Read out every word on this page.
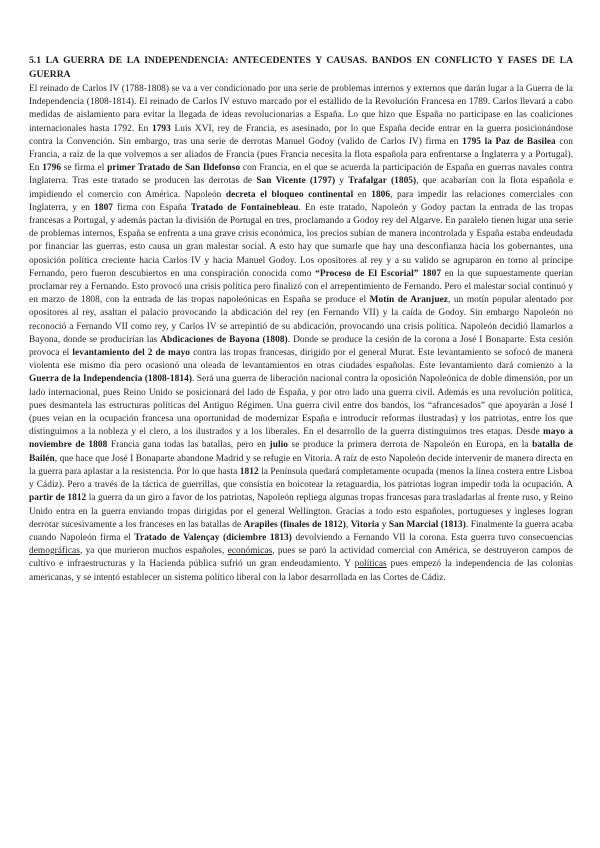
5.1 LA GUERRA DE LA INDEPENDENCIA: ANTECEDENTES Y CAUSAS. BANDOS EN CONFLICTO Y FASES DE LA GUERRA

El reinado de Carlos IV (1788-1808) se va a ver condicionado por una serie de problemas internos y externos que darán lugar a la Guerra de la Independencia (1808-1814). El reinado de Carlos IV estuvo marcado por el estallido de la Revolución Francesa en 1789. Carlos llevará a cabo medidas de aislamiento para evitar la llegada de ideas revolucionarias a España. Lo que hizo que España no participase en las coaliciones internacionales hasta 1792. En 1793 Luis XVI, rey de Francia, es asesinado, por lo que España decide entrar en la guerra posicionándose contra la Convención. Sin embargo, tras una serie de derrotas Manuel Godoy (valido de Carlos IV) firma en 1795 la Paz de Basilea con Francia, a raíz de la que volvemos a ser aliados de Francia (pues Francia necesita la flota española para enfrentarse a Inglaterra y a Portugal). En 1796 se firma el primer Tratado de San Ildefonso con Francia, en el que se acuerda la participación de España en guerras navales contra Inglaterra. Tras este tratado se producen las derrotas de San Vicente (1797) y Trafalgar (1805), que acabarían con la flota española e impidiendo el comercio con América. Napoleón decreta el bloqueo continental en 1806, para impedir las relaciones comerciales con Inglaterra, y en 1807 firma con España Tratado de Fontainebleau. En este tratado, Napoleón y Godoy pactan la entrada de las tropas francesas a Portugal, y además pactan la división de Portugal en tres, proclamando a Godoy rey del Algarve. En paralelo tienen lugar una serie de problemas internos, España se enfrenta a una grave crisis económica, los precios subían de manera incontrolada y España estaba endeudada por financiar las guerras, esto causa un gran malestar social. A esto hay que sumarle que hay una desconfianza hacia los gobernantes, una oposición política creciente hacia Carlos IV y hacia Manuel Godoy. Los opositores al rey y a su valido se agruparon en torno al príncipe Fernando, pero fueron descubiertos en una conspiración conocida como “Proceso de El Escorial” 1807 en la que supuestamente querían proclamar rey a Fernando. Esto provocó una crisis política pero finalizó con el arrepentimiento de Fernando. Pero el malestar social continuó y en marzo de 1808, con la entrada de las tropas napoleónicas en España se produce el Motín de Aranjuez, un motín popular alentado por opositores al rey, asaltan el palacio provocando la abdicación del rey (en Fernando VII) y la caída de Godoy. Sin embargo Napoleón no reconoció a Fernando VII como rey, y Carlos IV se arrepintió de su abdicación, provocando una crisis política. Napoleón decidió llamarlos a Bayona, donde se producirían las Abdicaciones de Bayona (1808). Donde se produce la cesión de la corona a José I Bonaparte. Esta cesión provoca el levantamiento del 2 de mayo contra las tropas francesas, dirigido por el general Murat. Este levantamiento se sofocó de manera violenta ese mismo día pero ocasionó una oleada de levantamientos en otras ciudades españolas. Este levantamiento dará comienzo a la Guerra de la Independencia (1808-1814). Será una guerra de liberación nacional contra la oposición Napoleónica de doble dimensión, por un lado internacional, pues Reino Unido se posicionará del lado de España, y por otro lado una guerra civil. Además es una revolución política, pues desmantela las estructuras políticas del Antiguo Régimen. Una guerra civil entre dos bandos, los “afrancesados” que apoyarán a José I (pues veían en la ocupación francesa una oportunidad de modernizar España e introducir reformas ilustradas) y los patriotas, entre los que distinguimos a la nobleza y el clero, a los ilustrados y a los liberales. En el desarrollo de la guerra distinguimos tres etapas. Desde mayo a noviembre de 1808 Francia gana todas las batallas, pero en julio se produce la primera derrota de Napoleón en Europa, en la batalla de Bailén, que hace que José I Bonaparte abandone Madrid y se refugie en Vitoria. A raíz de esto Napoleón decide intervenir de manera directa en la guerra para aplastar a la resistencia. Por lo que hasta 1812 la Península quedará completamente ocupada (menos la línea costera entre Lisboa y Cádiz). Pero a través de la táctica de guerrillas, que consistía en boicotear la retaguardia, los patriotas logran impedir toda la ocupación. A partir de 1812 la guerra da un giro a favor de los patriotas, Napoleón repliega algunas tropas francesas para trasladarlas al frente ruso, y Reino Unido entra en la guerra enviando tropas dirigidas por el general Wellington. Gracias a todo esto españoles, portugueses y ingleses logran derrotar sucesivamente a los franceses en las batallas de Arapiles (finales de 1812), Vitoria y San Marcial (1813). Finalmente la guerra acaba cuando Napoleón firma el Tratado de Valençay (diciembre 1813) devolviendo a Fernando VII la corona. Esta guerra tuvo consecuencias demográficas, ya que murieron muchos españoles, económicas, pues se paró la actividad comercial con América, se destruyeron campos de cultivo e infraestructuras y la Hacienda pública sufrió un gran endeudamiento. Y políticas pues empezó la independencia de las colonias americanas, y se intentó establecer un sistema político liberal con la labor desarrollada en las Cortes de Cádiz.
